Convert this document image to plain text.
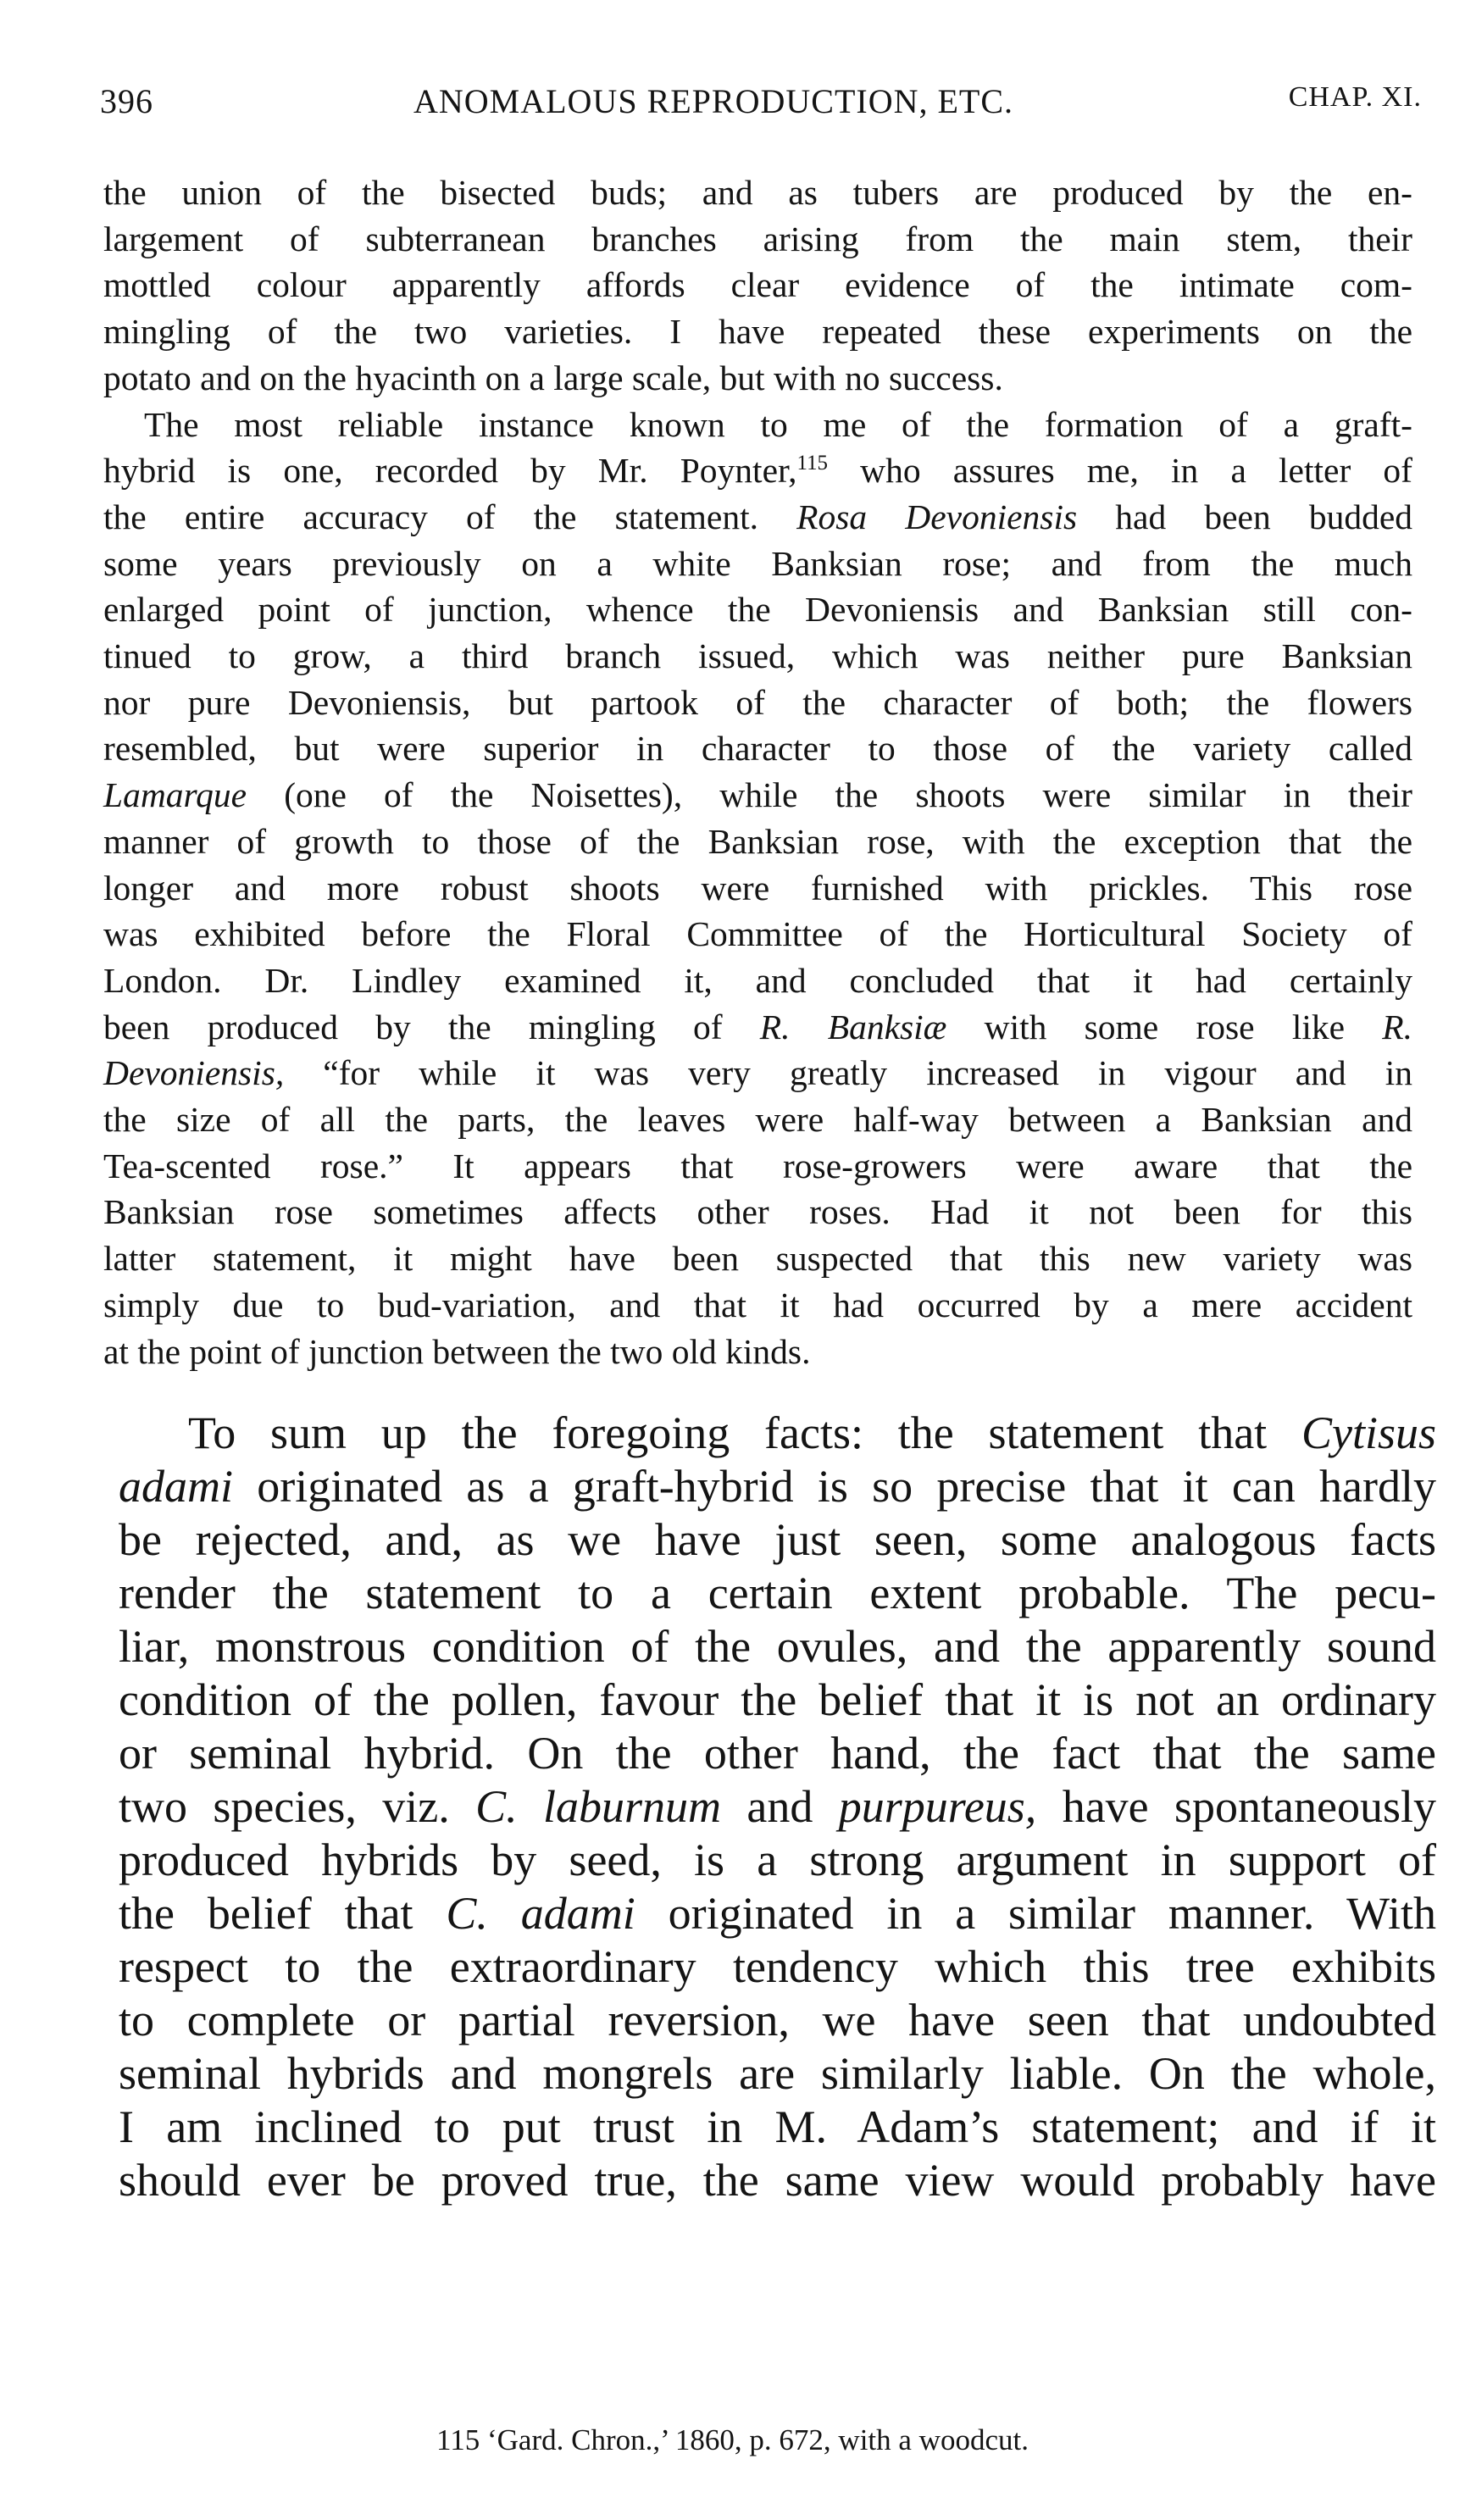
396	ANOMALOUS REPRODUCTION, ETC.	CHAP. XI.
the union of the bisected buds; and as tubers are produced by the en-
largement of subterranean branches arising from the main stem, their
mottled colour apparently affords clear evidence of the intimate com-
mingling of the two varieties. I have repeated these experiments on the
potato and on the hyacinth on a large scale, but with no success.
The most reliable instance known to me of the formation of a graft-
hybrid is one, recorded by Mr. Poynter,$^{115}$ who assures me, in a letter of
the entire accuracy of the statement. Rosa Devoniensis had been budded
some years previously on a white Banksian rose; and from the much
enlarged point of junction, whence the Devoniensis and Banksian still con-
tinued to grow, a third branch issued, which was neither pure Banksian
nor pure Devoniensis, but partook of the character of both; the flowers
resembled, but were superior in character to those of the variety called
Lamarque (one of the Noisettes), while the shoots were similar in their
manner of growth to those of the Banksian rose, with the exception that the
longer and more robust shoots were furnished with prickles. This rose
was exhibited before the Floral Committee of the Horticultural Society of
London. Dr. Lindley examined it, and concluded that it had certainly
been produced by the mingling of R. Banksiæ with some rose like R.
Devoniensis, “for while it was very greatly increased in vigour and in
the size of all the parts, the leaves were half-way between a Banksian and
Tea-scented rose.” It appears that rose-growers were aware that the
Banksian rose sometimes affects other roses. Had it not been for this
latter statement, it might have been suspected that this new variety was
simply due to bud-variation, and that it had occurred by a mere accident
at the point of junction between the two old kinds.
To sum up the foregoing facts: the statement that Cytisus
adami originated as a graft-hybrid is so precise that it can hardly
be rejected, and, as we have just seen, some analogous facts
render the statement to a certain extent probable. The pecu-
liar, monstrous condition of the ovules, and the apparently sound
condition of the pollen, favour the belief that it is not an ordinary
or seminal hybrid. On the other hand, the fact that the same
two species, viz. C. laburnum and purpureus, have spontaneously
produced hybrids by seed, is a strong argument in support of
the belief that C. adami originated in a similar manner. With
respect to the extraordinary tendency which this tree exhibits
to complete or partial reversion, we have seen that undoubted
seminal hybrids and mongrels are similarly liable. On the whole,
I am inclined to put trust in M. Adam’s statement; and if it
should ever be proved true, the same view would probably have
115 ‘Gard. Chron.,’ 1860, p. 672, with a woodcut.
